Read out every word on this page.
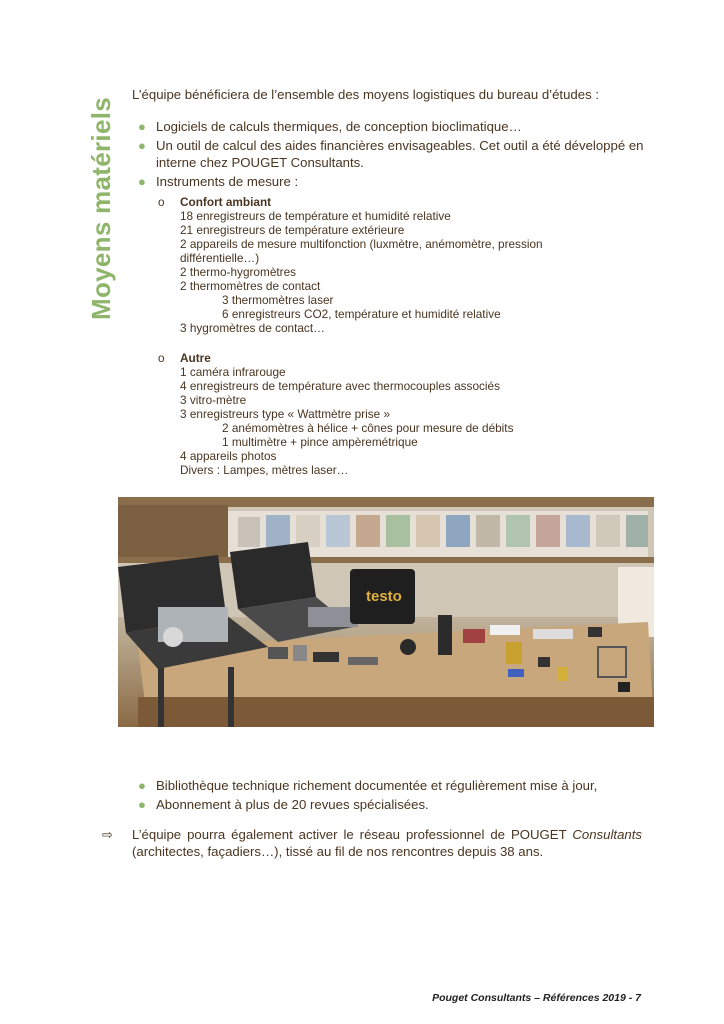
Moyens matériels
L’équipe bénéficiera de l’ensemble des moyens logistiques du bureau d’études :
● Logiciels de calculs thermiques, de conception bioclimatique…
● Un outil de calcul des aides financières envisageables. Cet outil a été développé en interne chez POUGET Consultants.
● Instruments de mesure :
o Confort ambiant
18 enregistreurs de température et humidité relative
21 enregistreurs de température extérieure
2 appareils de mesure multifonction (luxmètre, anémomètre, pression différentielle…)
2 thermo-hygromètres
2 thermomètres de contact
3 thermomètres laser
6 enregistreurs CO2, température et humidité relative
3 hygromètres de contact…
o Autre
1 caméra infrarouge
4 enregistreurs de température avec thermocouples associés
3 vitro-mètre
3 enregistreurs type « Wattmètre prise »
2 anémomètres à hélice + cônes pour mesure de débits
1 multimètre + pince ampèremétrique
4 appareils photos
Divers : Lampes, mètres laser…
testo
● Bibliothèque technique richement documentée et régulièrement mise à jour,
● Abonnement à plus de 20 revues spécialisées.
⇨	L’équipe pourra également activer le réseau professionnel de POUGET Consultants (architectes, façadiers…), tissé au fil de nos rencontres depuis 38 ans.
Pouget Consultants – Références 2019 - 7
